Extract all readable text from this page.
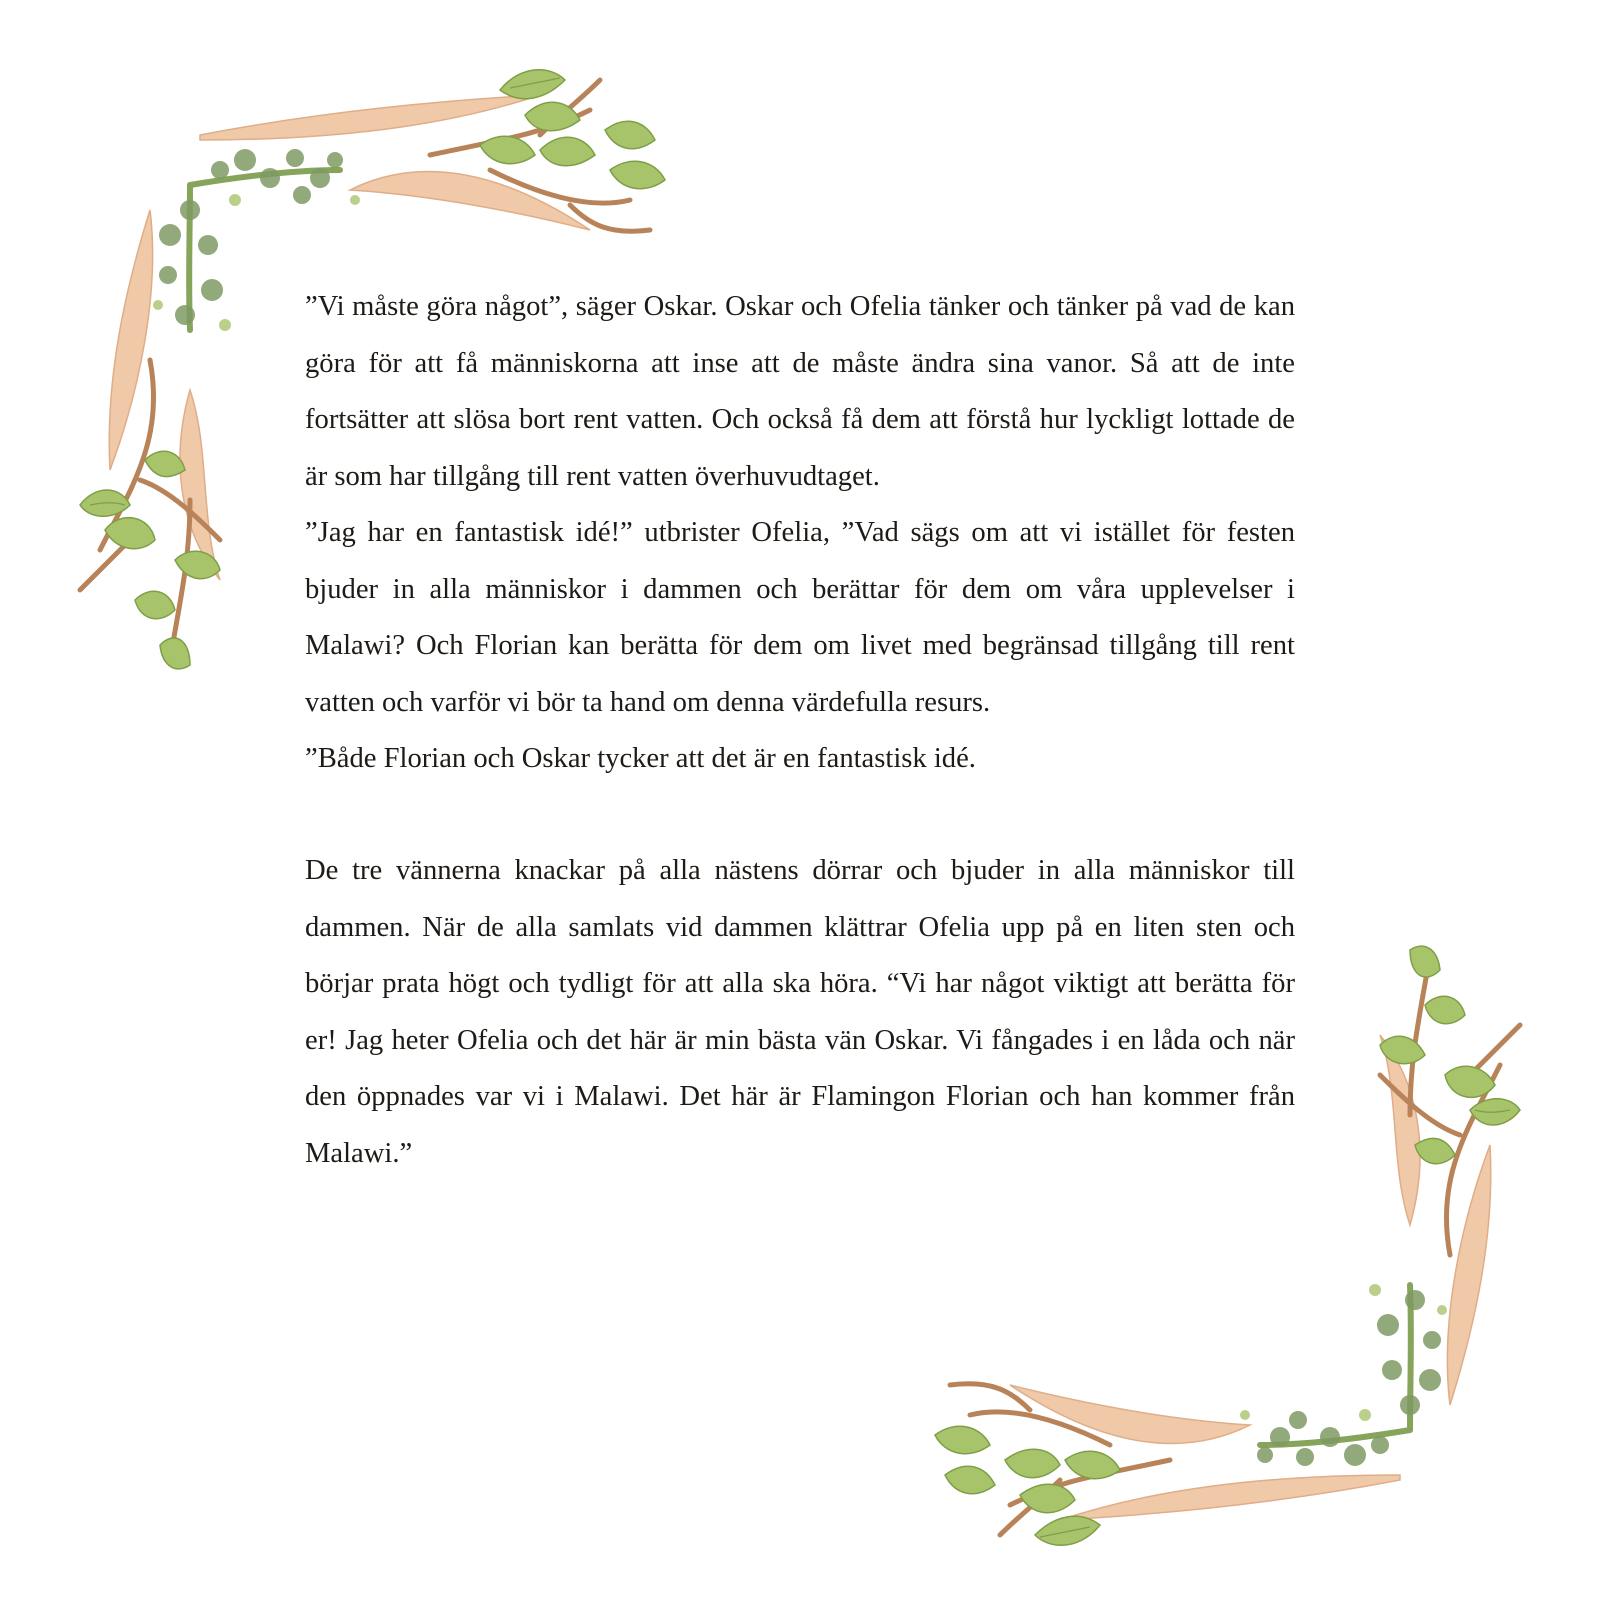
”Vi måste göra något”, säger Oskar. Oskar och Ofelia tänker och tänker på vad de kan göra för att få människorna att inse att de måste ändra sina vanor. Så att de inte fortsätter att slösa bort rent vatten. Och också få dem att förstå hur lyckligt lottade de är som har tillgång till rent vatten överhuvudtaget.

”Jag har en fantastisk idé!” utbrister Ofelia, ”Vad sägs om att vi istället för festen bjuder in alla människor i dammen och berättar för dem om våra upplevelser i Malawi? Och Florian kan berätta för dem om livet med begränsad tillgång till rent vatten och varför vi bör ta hand om denna värdefulla resurs.

”Både Florian och Oskar tycker att det är en fantastisk idé.

De tre vännerna knackar på alla nästens dörrar och bjuder in alla människor till dammen. När de alla samlats vid dammen klättrar Ofelia upp på en liten sten och börjar prata högt och tydligt för att alla ska höra. “Vi har något viktigt att berätta för er! Jag heter Ofelia och det här är min bästa vän Oskar. Vi fångades i en låda och när den öppnades var vi i Malawi. Det här är Flamingon Florian och han kommer från Malawi.”
